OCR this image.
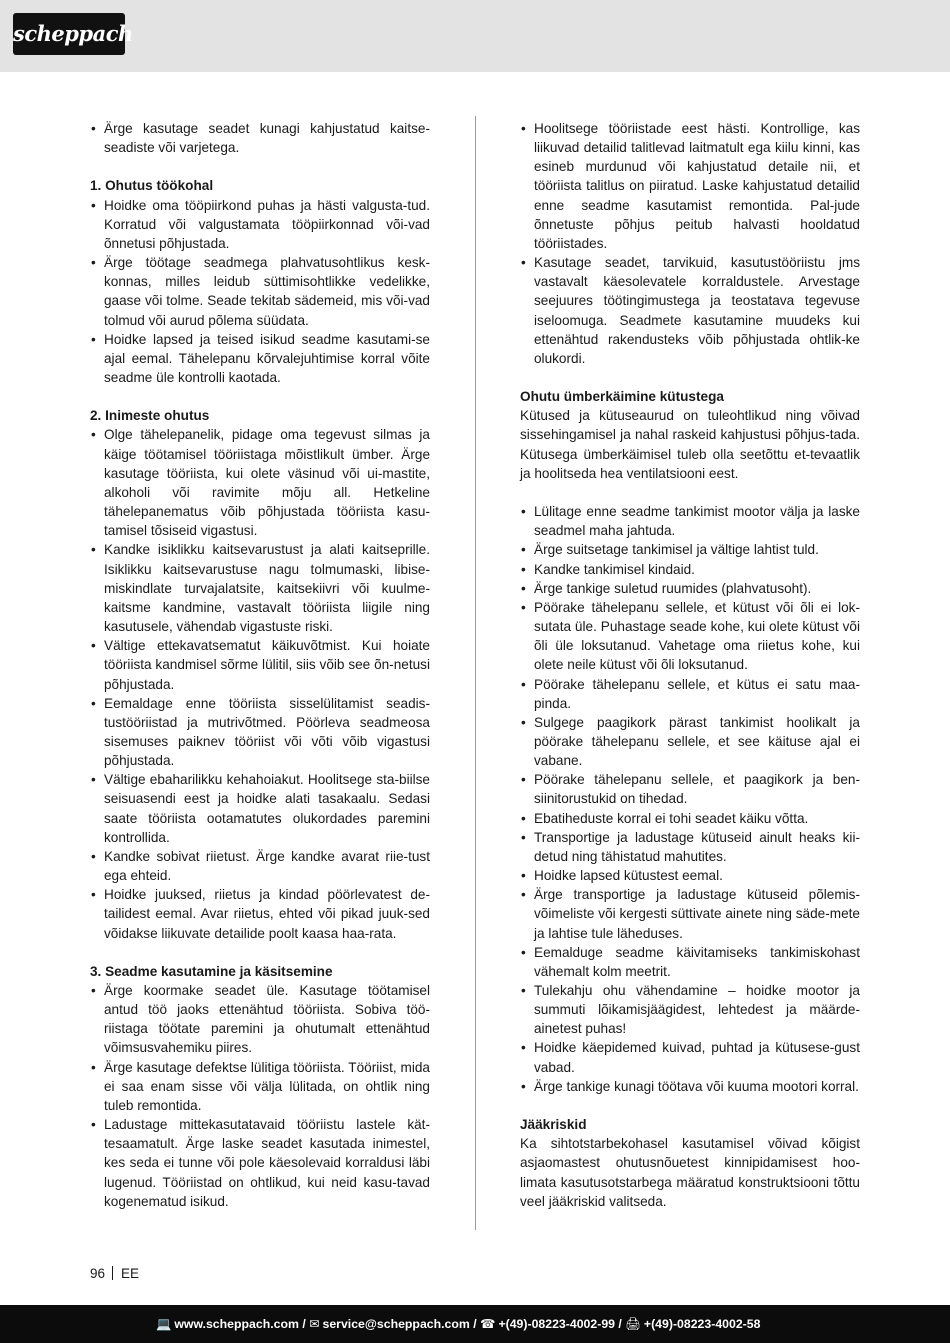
scheppach
• Ärge kasutage seadet kunagi kahjustatud kaitse-seadiste või varjetega.

1. Ohutus töökohal

• Hoidke oma tööpiirkond puhas ja hästi valgusta-tud. Korratud või valgustamata tööpiirkonnad või-vad õnnetusi põhjustada.
• Ärge töötage seadmega plahvatusohtlikus kesk-konnas, milles leidub süttimisohtlikke vedelikke, gaase või tolme. Seade tekitab sädemeid, mis või-vad tolmud või aurud põlema süüdata.
• Hoidke lapsed ja teised isikud seadme kasutami-se ajal eemal. Tähelepanu kõrvalejuhtimise korral võite seadme üle kontrolli kaotada.

2. Inimeste ohutus

• Olge tähelepanelik, pidage oma tegevust silmas ja käige töötamisel tööriistaga mõistlikult ümber. Ärge kasutage tööriista, kui olete väsinud või ui-mastite, alkoholi või ravimite mõju all. Hetkeline tähelepanematus võib põhjustada tööriista kasu-tamisel tõsiseid vigastusi.
• Kandke isiklikku kaitsevarustust ja alati kaitseprille. Isiklikku kaitsevarustuse nagu tolmumaski, libise-miskindlate turvajalatsite, kaitsekiivri või kuulme-kaitsme kandmine, vastavalt tööriista liigile ning kasutusele, vähendab vigastuste riski.
• Vältige ettekavatsematut käikuvõtmist. Kui hoiate tööriista kandmisel sõrme lülitil, siis võib see õn-netusi põhjustada.
• Eemaldage enne tööriista sisselülitamist seadis-tustööriistad ja mutrivõtmed. Pöörleva seadmeosa sisemuses paiknev tööriist või võti võib vigastusi põhjustada.
• Vältige ebaharilikku kehahoiakut. Hoolitsege sta-biilse seisuasendi eest ja hoidke alati tasakaalu. Sedasi saate tööriista ootamatutes olukordades paremini kontrollida.
• Kandke sobivat riietust. Ärge kandke avarat riie-tust ega ehteid.
• Hoidke juuksed, riietus ja kindad pöörlevatest de-tailidest eemal. Avar riietus, ehted või pikad juuk-sed võidakse liikuvate detailide poolt kaasa haa-rata.

3. Seadme kasutamine ja käsitsemine

• Ärge koormake seadet üle. Kasutage töötamisel antud töö jaoks ettenähtud tööriista. Sobiva töö-riistaga töötate paremini ja ohutumalt ettenähtud võimsusvahemiku piires.
• Ärge kasutage defektse lülitiga tööriista. Tööriist, mida ei saa enam sisse või välja lülitada, on ohtlik ning tuleb remontida.
• Ladustage mittekasutatavaid tööriistu lastele kät-tesaamatult. Ärge laske seadet kasutada inimestel, kes seda ei tunne või pole käesolevaid korraldusi läbi lugenud. Tööriistad on ohtlikud, kui neid kasu-tavad kogenematud isikud.
• Hoolitsege tööriistade eest hästi. Kontrollige, kas liikuvad detailid talitlevad laitmatult ega kiilu kinni, kas esineb murdunud või kahjustatud detaile nii, et tööriista talitlus on piiratud. Laske kahjustatud detailid enne seadme kasutamist remontida. Pal-jude õnnetuste põhjus peitub halvasti hooldatud tööriistades.
• Kasutage seadet, tarvikuid, kasutustööriistu jms vastavalt käesolevatele korraldustele. Arvestage seejuures töötingimustega ja teostatava tegevuse iseloomuga. Seadmete kasutamine muudeks kui ettenähtud rakendusteks võib põhjustada ohtlik-ke olukordi.

Ohutu ümberkäimine kütustega

Kütused ja kütuseaurud on tuleohtlikud ning võivad sissehingamisel ja nahal raskeid kahjustusi põhjus-tada. Kütusega ümberkäimisel tuleb olla seetõttu et-tevaatlik ja hoolitseda hea ventilatsiooni eest.

• Lülitage enne seadme tankimist mootor välja ja laske seadmel maha jahtuda.
• Ärge suitsetage tankimisel ja vältige lahtist tuld.
• Kandke tankimisel kindaid.
• Ärge tankige suletud ruumides (plahvatusoht).
• Pöörake tähelepanu sellele, et kütust või õli ei lok-sutata üle. Puhastage seade kohe, kui olete kütust või õli üle loksutanud. Vahetage oma riietus kohe, kui olete neile kütust või õli loksutanud.
• Pöörake tähelepanu sellele, et kütus ei satu maa-pinda.
• Sulgege paagikork pärast tankimist hoolikalt ja pöörake tähelepanu sellele, et see käituse ajal ei vabane.
• Pöörake tähelepanu sellele, et paagikork ja ben-siinitorustukid on tihedad.
• Ebatiheduste korral ei tohi seadet käiku võtta.
• Transportige ja ladustage kütuseid ainult heaks kii-detud ning tähistatud mahutites.
• Hoidke lapsed kütustest eemal.
• Ärge transportige ja ladustage kütuseid põlemis-võimeliste või kergesti süttivate ainete ning säde-mete ja lahtise tule läheduses.
• Eemalduge seadme käivitamiseks tankimiskohast vähemalt kolm meetrit.
• Tulekahju ohu vähendamine – hoidke mootor ja summuti lõikamisjäägidest, lehtedest ja määrde-ainetest puhas!
• Hoidke käepidemed kuivad, puhtad ja kütusese-gust vabad.
• Ärge tankige kunagi töötava või kuuma mootori korral.

Jääkriskid

Ka sihtotstarbekohasel kasutamisel võivad kõigist asjaomastest ohutusnõuetest kinnipidamisest hoo-limata kasutusotstarbega määratud konstruktsiooni tõttu veel jääkriskid valitseda.

96 EE
💻 www.scheppach.com / ✉ service@scheppach.com / ☎ +(49)-08223-4002-99 / 🖨 +(49)-08223-4002-58
